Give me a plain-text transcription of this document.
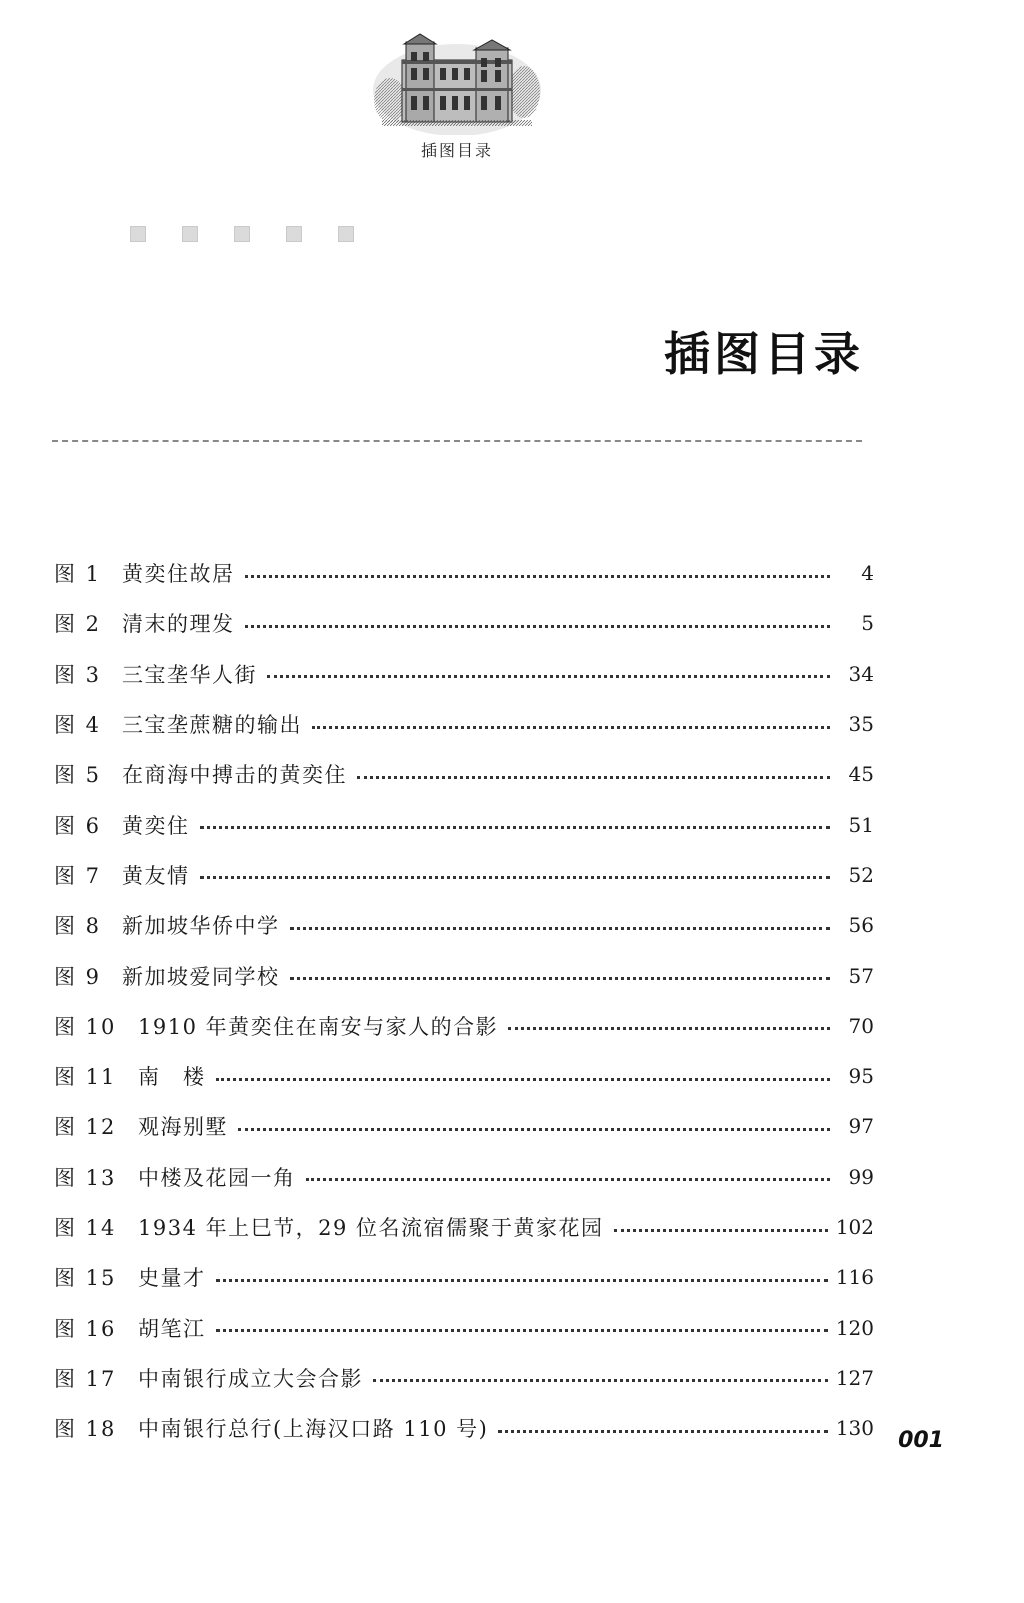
插图目录
插图目录
图 1 黄奕住故居	4
图 2 清末的理发	5
图 3 三宝垄华人街	34
图 4 三宝垄蔗糖的输出	35
图 5 在商海中搏击的黄奕住	45
图 6 黄奕住	51
图 7 黄友情	52
图 8 新加坡华侨中学	56
图 9 新加坡爱同学校	57
图 10	1910 年黄奕住在南安与家人的合影	70
图 11	南　楼	95
图 12	观海别墅	97
图 13	中楼及花园一角	99
图 14	1934 年上巳节，29 位名流宿儒聚于黄家花园	102
图 15	史量才	116
图 16	胡笔江	120
图 17	中南银行成立大会合影	127
图 18	中南银行总行(上海汉口路 110 号)	130 001
